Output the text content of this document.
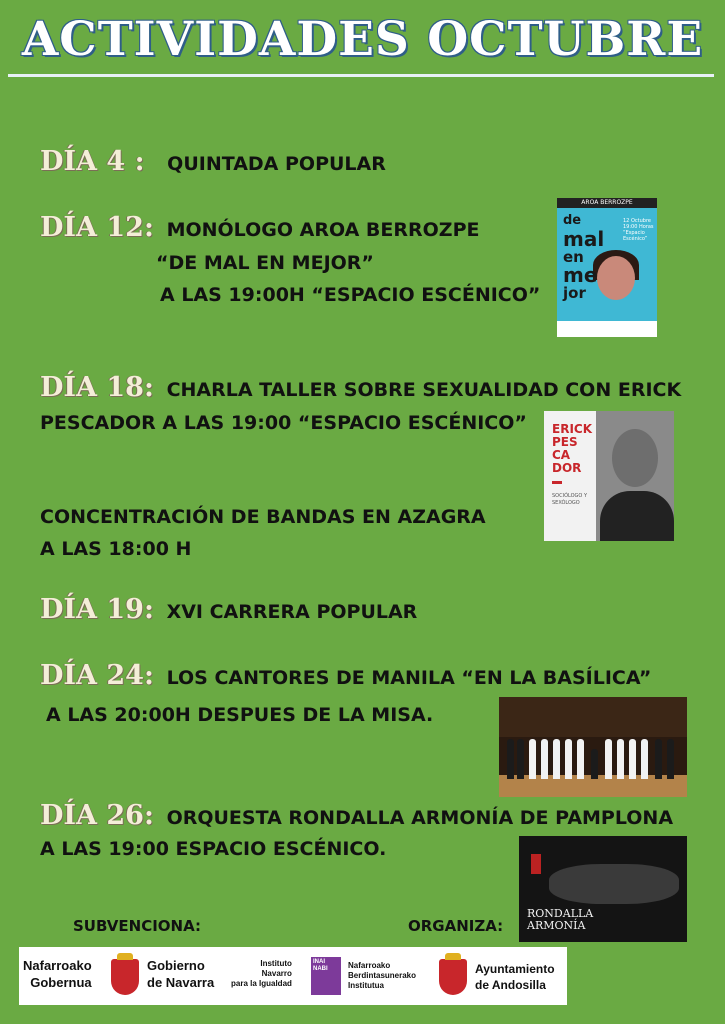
ACTIVIDADES OCTUBRE
DÍA 4 : QUINTADA POPULAR
DÍA 12: MONÓLOGO AROA BERROZPE
“DE MAL EN MEJOR”
A LAS 19:00H “ESPACIO ESCÉNICO”
AROA BERROZPE
de
mal
en
me
jor
12 Octubre 19:00 Horas “Espacio Escénico”
DÍA 18: CHARLA TALLER SOBRE SEXUALIDAD CON ERICK
PESCADOR A LAS 19:00 “ESPACIO ESCÉNICO” ERICK
PES
CA
DOR
SOCIÓLOGO Y
SEXÓLOGO
CONCENTRACIÓN DE BANDAS EN AZAGRA
A LAS 18:00 H
DÍA 19: XVI CARRERA POPULAR
DÍA 24: LOS CANTORES DE MANILA “EN LA BASÍLICA”
A LAS 20:00H DESPUES DE LA MISA.
DÍA 26: ORQUESTA RONDALLA ARMONÍA DE PAMPLONA
A LAS 19:00 ESPACIO ESCÉNICO.
RONDALLA
ARMONÍA
SUBVENCIONA:	ORGANIZA:
Nafarroako
Gobernua
Gobierno
de Navarra
Instituto
Navarro
para la Igualdad
INAI
NABI	Nafarroako
Berdintasunerako
Institutua
Ayuntamiento
de Andosilla
